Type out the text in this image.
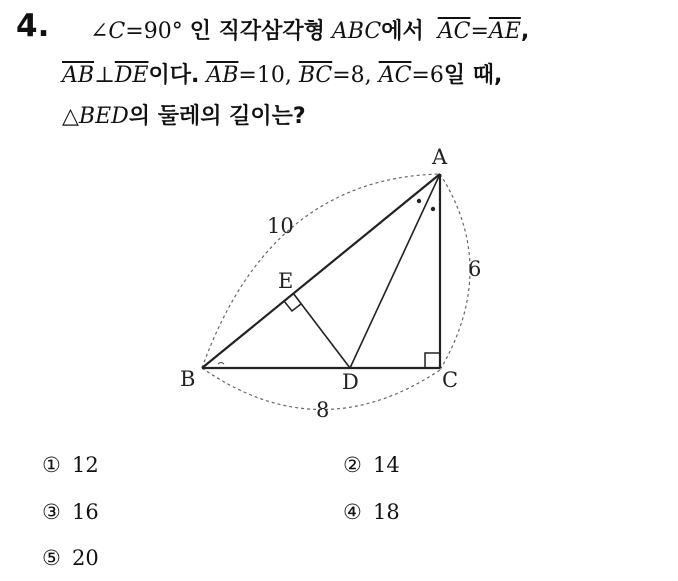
4. ∠C=90° 인 직각삼각형 ABC에서 $\overline{AC}=\overline{AE}$,
$\overline{AB}\perp\overline{DE}$이다. $\overline{AB}=10$, $\overline{BC}=8$, $\overline{AC}=6$일 때,
△BED의 둘레의 길이는?
A
B	C
D
E
10
6
8
① 12	② 14
③ 16	④ 18
⑤ 20
